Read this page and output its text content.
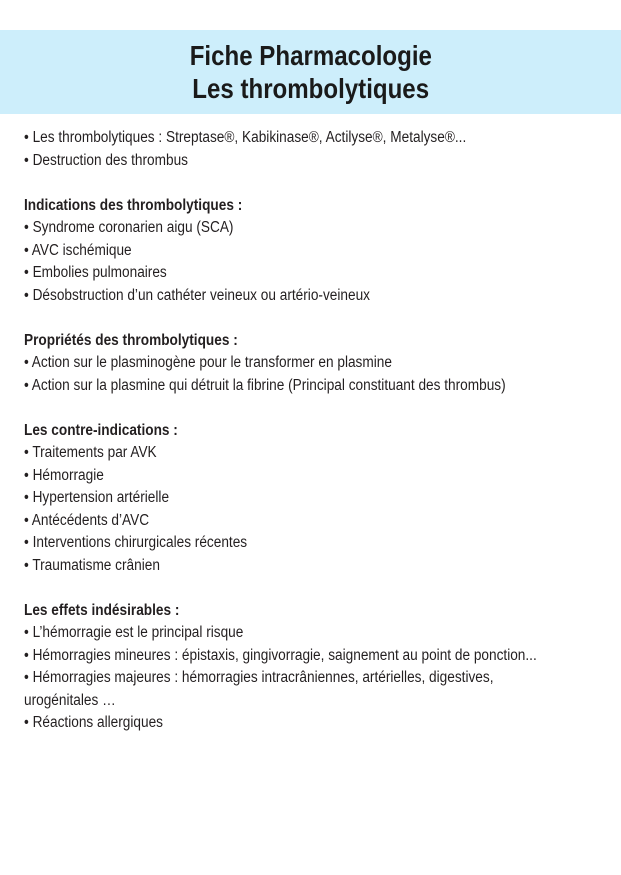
Fiche Pharmacologie
Les thrombolytiques
• Les thrombolytiques : Streptase®, Kabikinase®, Actilyse®, Metalyse®...
• Destruction des thrombus
Indications des thrombolytiques :
• Syndrome coronarien aigu (SCA)
• AVC ischémique
• Embolies pulmonaires
• Désobstruction d’un cathéter veineux ou artério-veineux
Propriétés des thrombolytiques :
• Action sur le plasminogène pour le transformer en plasmine
• Action sur la plasmine qui détruit la fibrine (Principal constituant des thrombus)
Les contre-indications :
• Traitements par AVK
• Hémorragie
• Hypertension artérielle
• Antécédents d’AVC
• Interventions chirurgicales récentes
• Traumatisme crânien
Les effets indésirables :
• L’hémorragie est le principal risque
• Hémorragies mineures : épistaxis, gingivorragie, saignement au point de ponction...
• Hémorragies majeures : hémorragies intracrâniennes, artérielles, digestives,
urogénitales …
• Réactions allergiques
